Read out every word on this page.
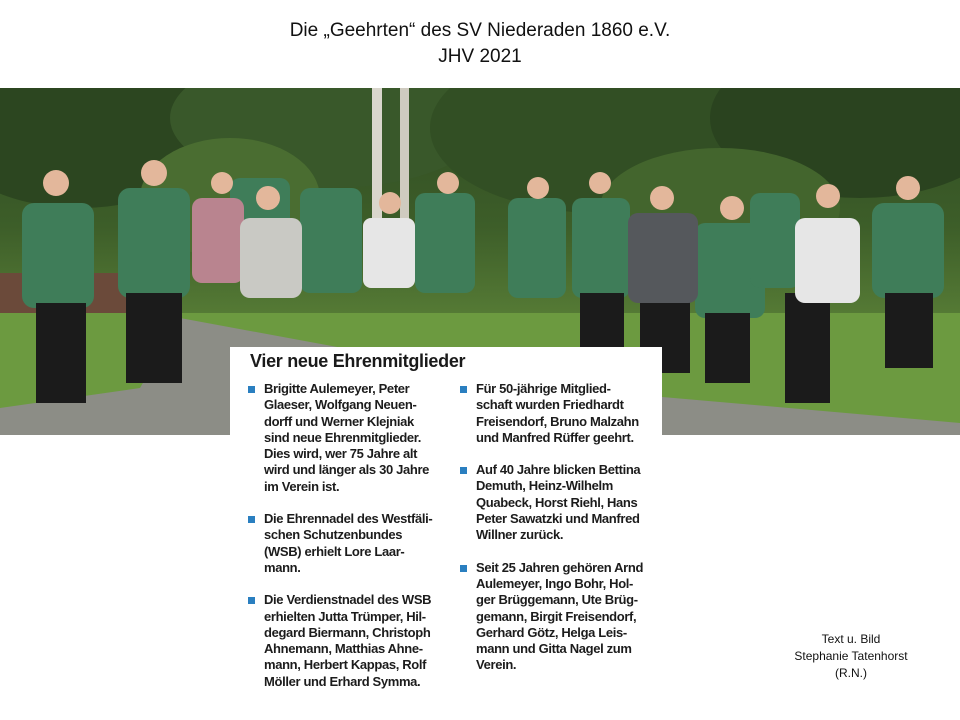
Die „Geehrten“ des SV Niederaden 1860 e.V.
JHV 2021
Vier neue Ehrenmitglieder
Brigitte Aulemeyer, Peter
Glaeser, Wolfgang Neuen-
dorff und Werner Klejniak
sind neue Ehrenmitglieder.
Dies wird, wer 75 Jahre alt
wird und länger als 30 Jahre
im Verein ist.
Die Ehrennadel des Westfäli-
schen Schutzenbundes
(WSB) erhielt Lore Laar-
mann.
Die Verdienstnadel des WSB
erhielten Jutta Trümper, Hil-
degard Biermann, Christoph
Ahnemann, Matthias Ahne-
mann, Herbert Kappas, Rolf
Möller und Erhard Symma.
Für 50-jährige Mitglied-
schaft wurden Friedhardt
Freisendorf, Bruno Malzahn
und Manfred Rüffer geehrt.
Auf 40 Jahre blicken Bettina
Demuth, Heinz-Wilhelm
Quabeck, Horst Riehl, Hans
Peter Sawatzki und Manfred
Willner zurück.
Seit 25 Jahren gehören Arnd
Aulemeyer, Ingo Bohr, Hol-
ger Brüggemann, Ute Brüg-
gemann, Birgit Freisendorf,
Gerhard Götz, Helga Leis-
mann und Gitta Nagel zum
Verein.
Text u. Bild
Stephanie Tatenhorst
(R.N.)
